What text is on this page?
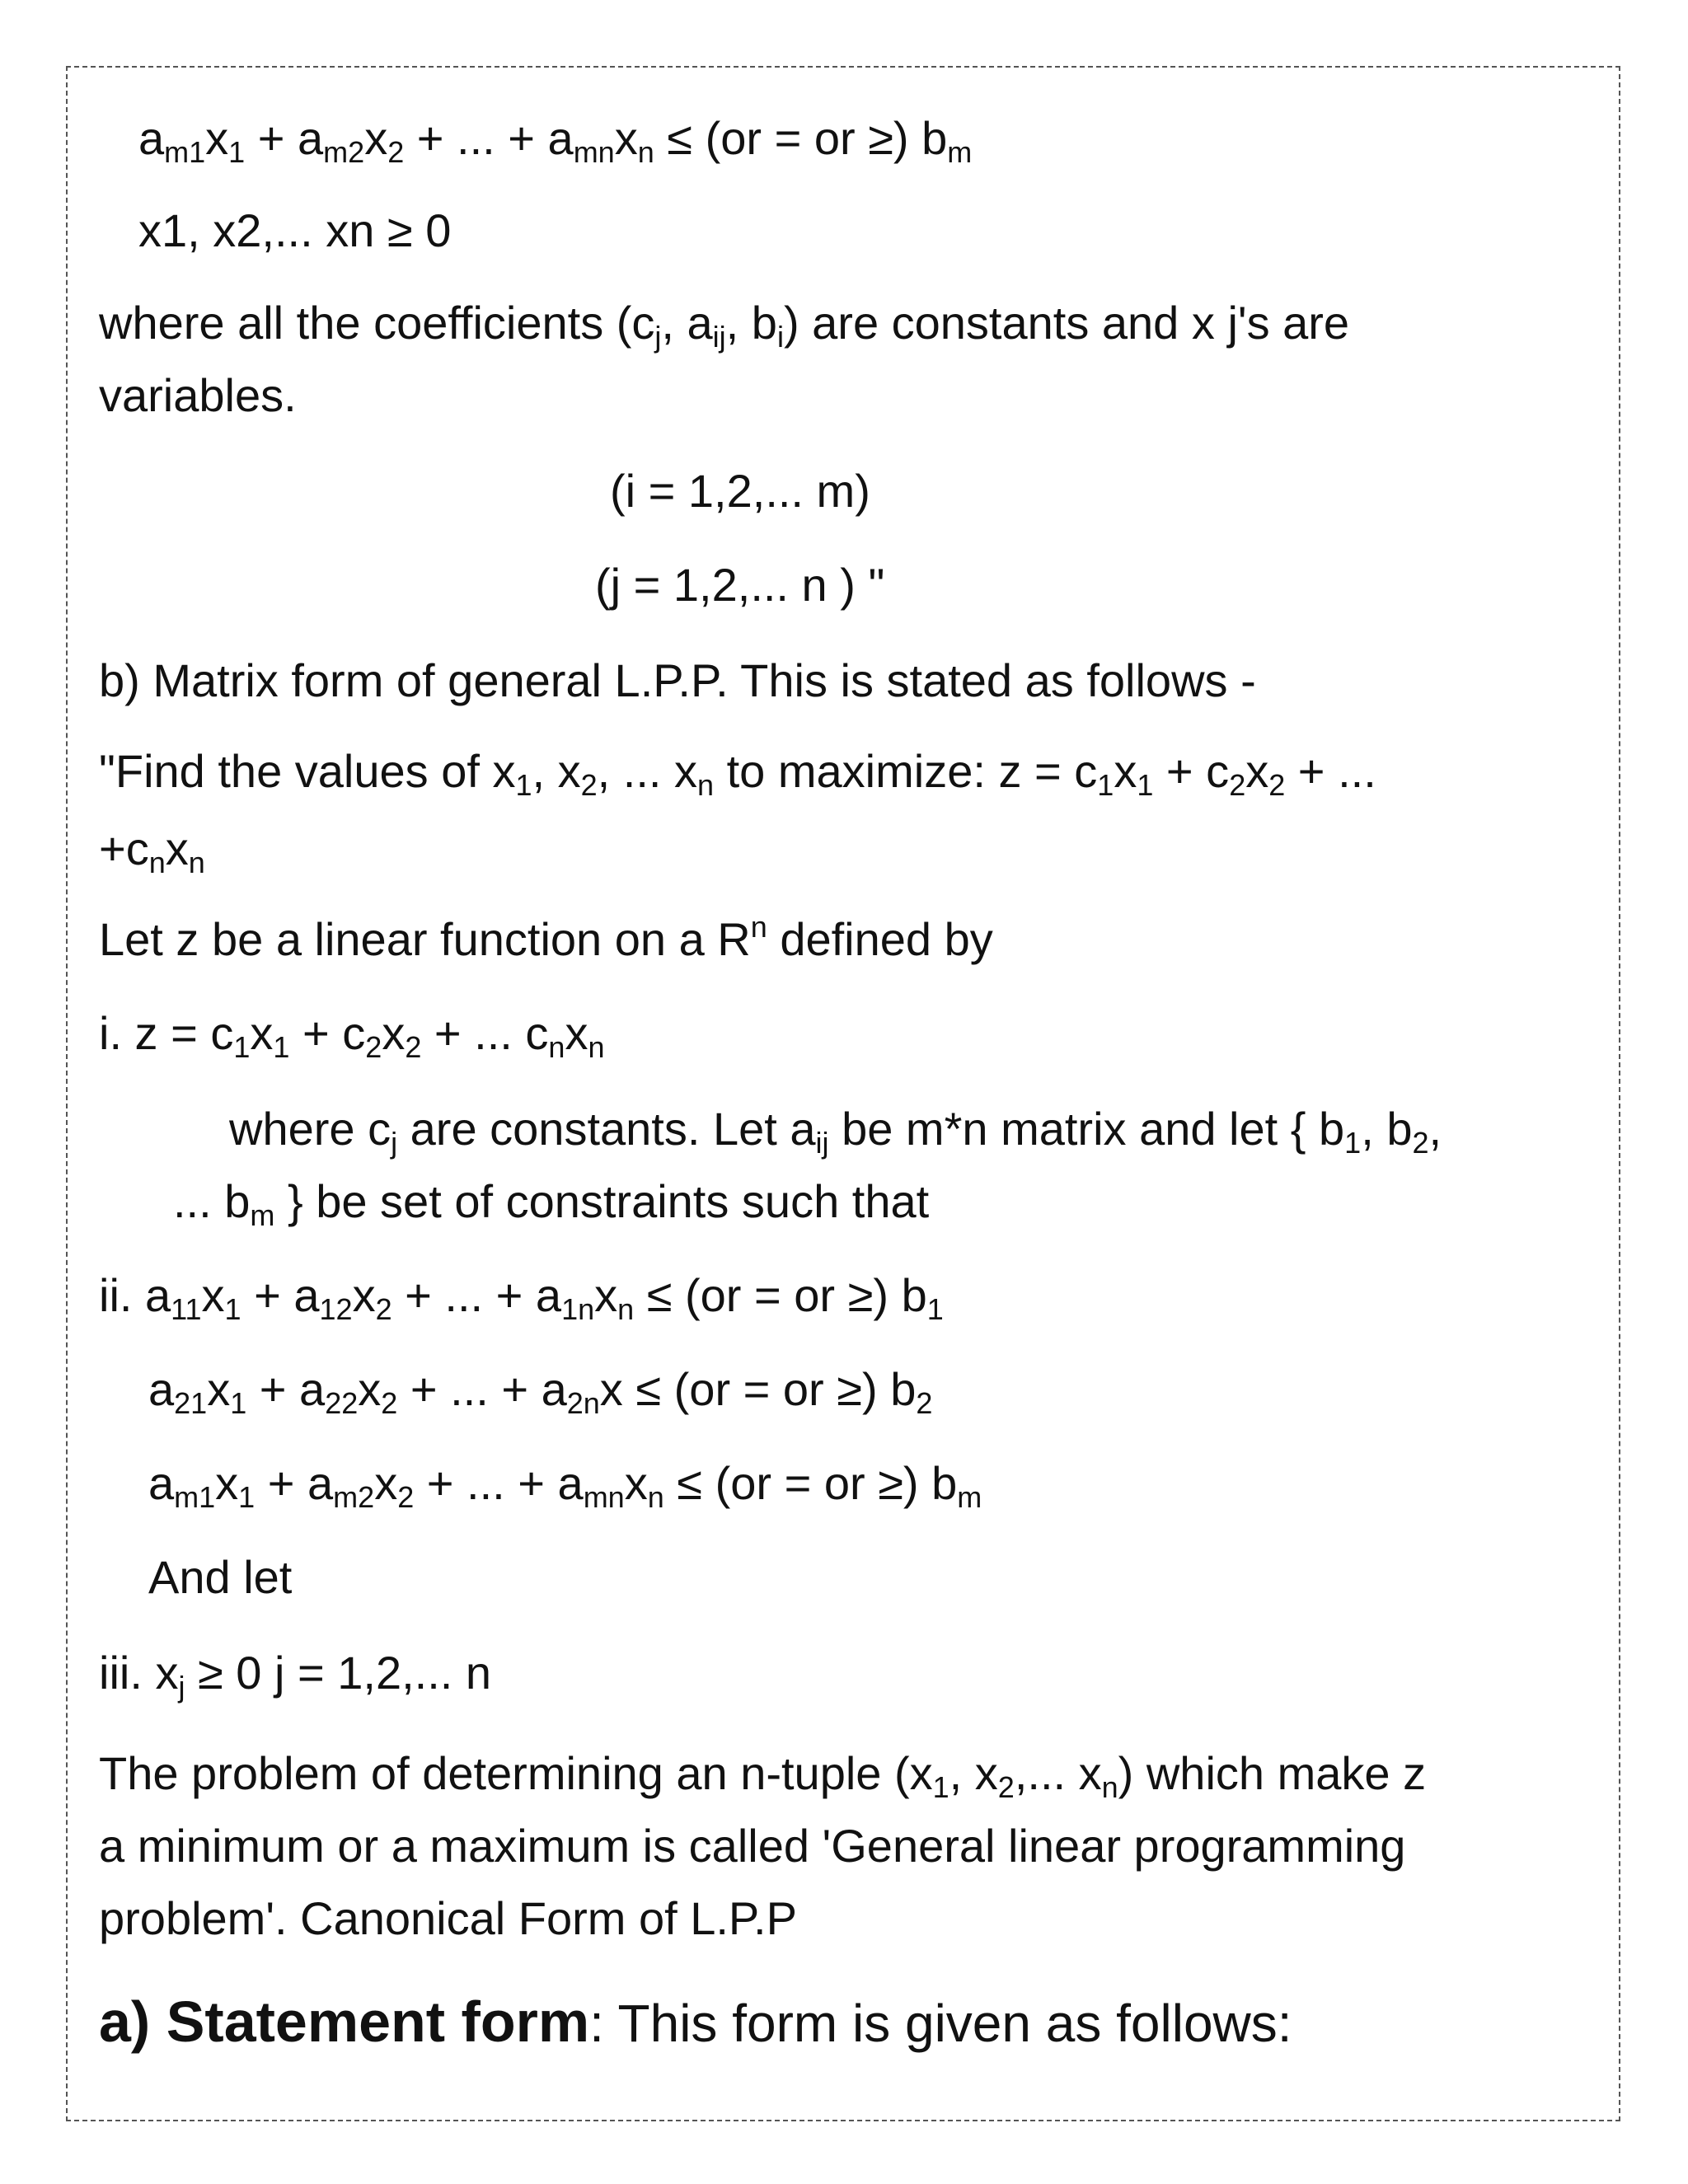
$a_{m1}x_1 + a_{m2}x_2$ + ... + $a_{mn}x_n \le (or$ = or ≥) $b_m$
x1, x2,... xn ≥ 0
where all the coefficients ($c_j$, $a_{ij}$, $b_i$) are constants and x j's are
variables.
(i = 1,2,... m)
(j = 1,2,... n ) "
b) Matrix form of general L.P.P. This is stated as follows -
"Find the values of $x_1$, $x_2$, ... $x_n$ to maximize: $z = c_1x_1 + c_2x_2$ + ...
$+c_nx_n$
Let z be a linear function on a $R^n$ defined by
i. $z = c_1x_1 + c_2x_2$ + ... $c_nx_n$
where $c_j$ are constants. Let $a_{ij}$ be m*n matrix and let { $b_1$, $b_2$,
... $b_m$ } be set of constraints such that
ii. $a_{11}x_1 + a_{12}x_2$ + ... + $a_{1n}x_n \le (or$ = or ≥) $b_1$
$a_{21}x_1 + a_{22}x_2$ + ... + $a_{2n}x \le (or$ = or ≥) $b_2$
$a_{m1}x_1 + a_{m2}x_2$ + ... + $a_{mn}x_n \le (or$ = or ≥) $b_m$
And let
iii. $x_j \ge 0$ j = 1,2,... n
The problem of determining an n-tuple ($x_1$, $x_2$,... $x_n$) which make z
a minimum or a maximum is called 'General linear programming
problem'. Canonical Form of L.P.P
a) Statement form: This form is given as follows:
